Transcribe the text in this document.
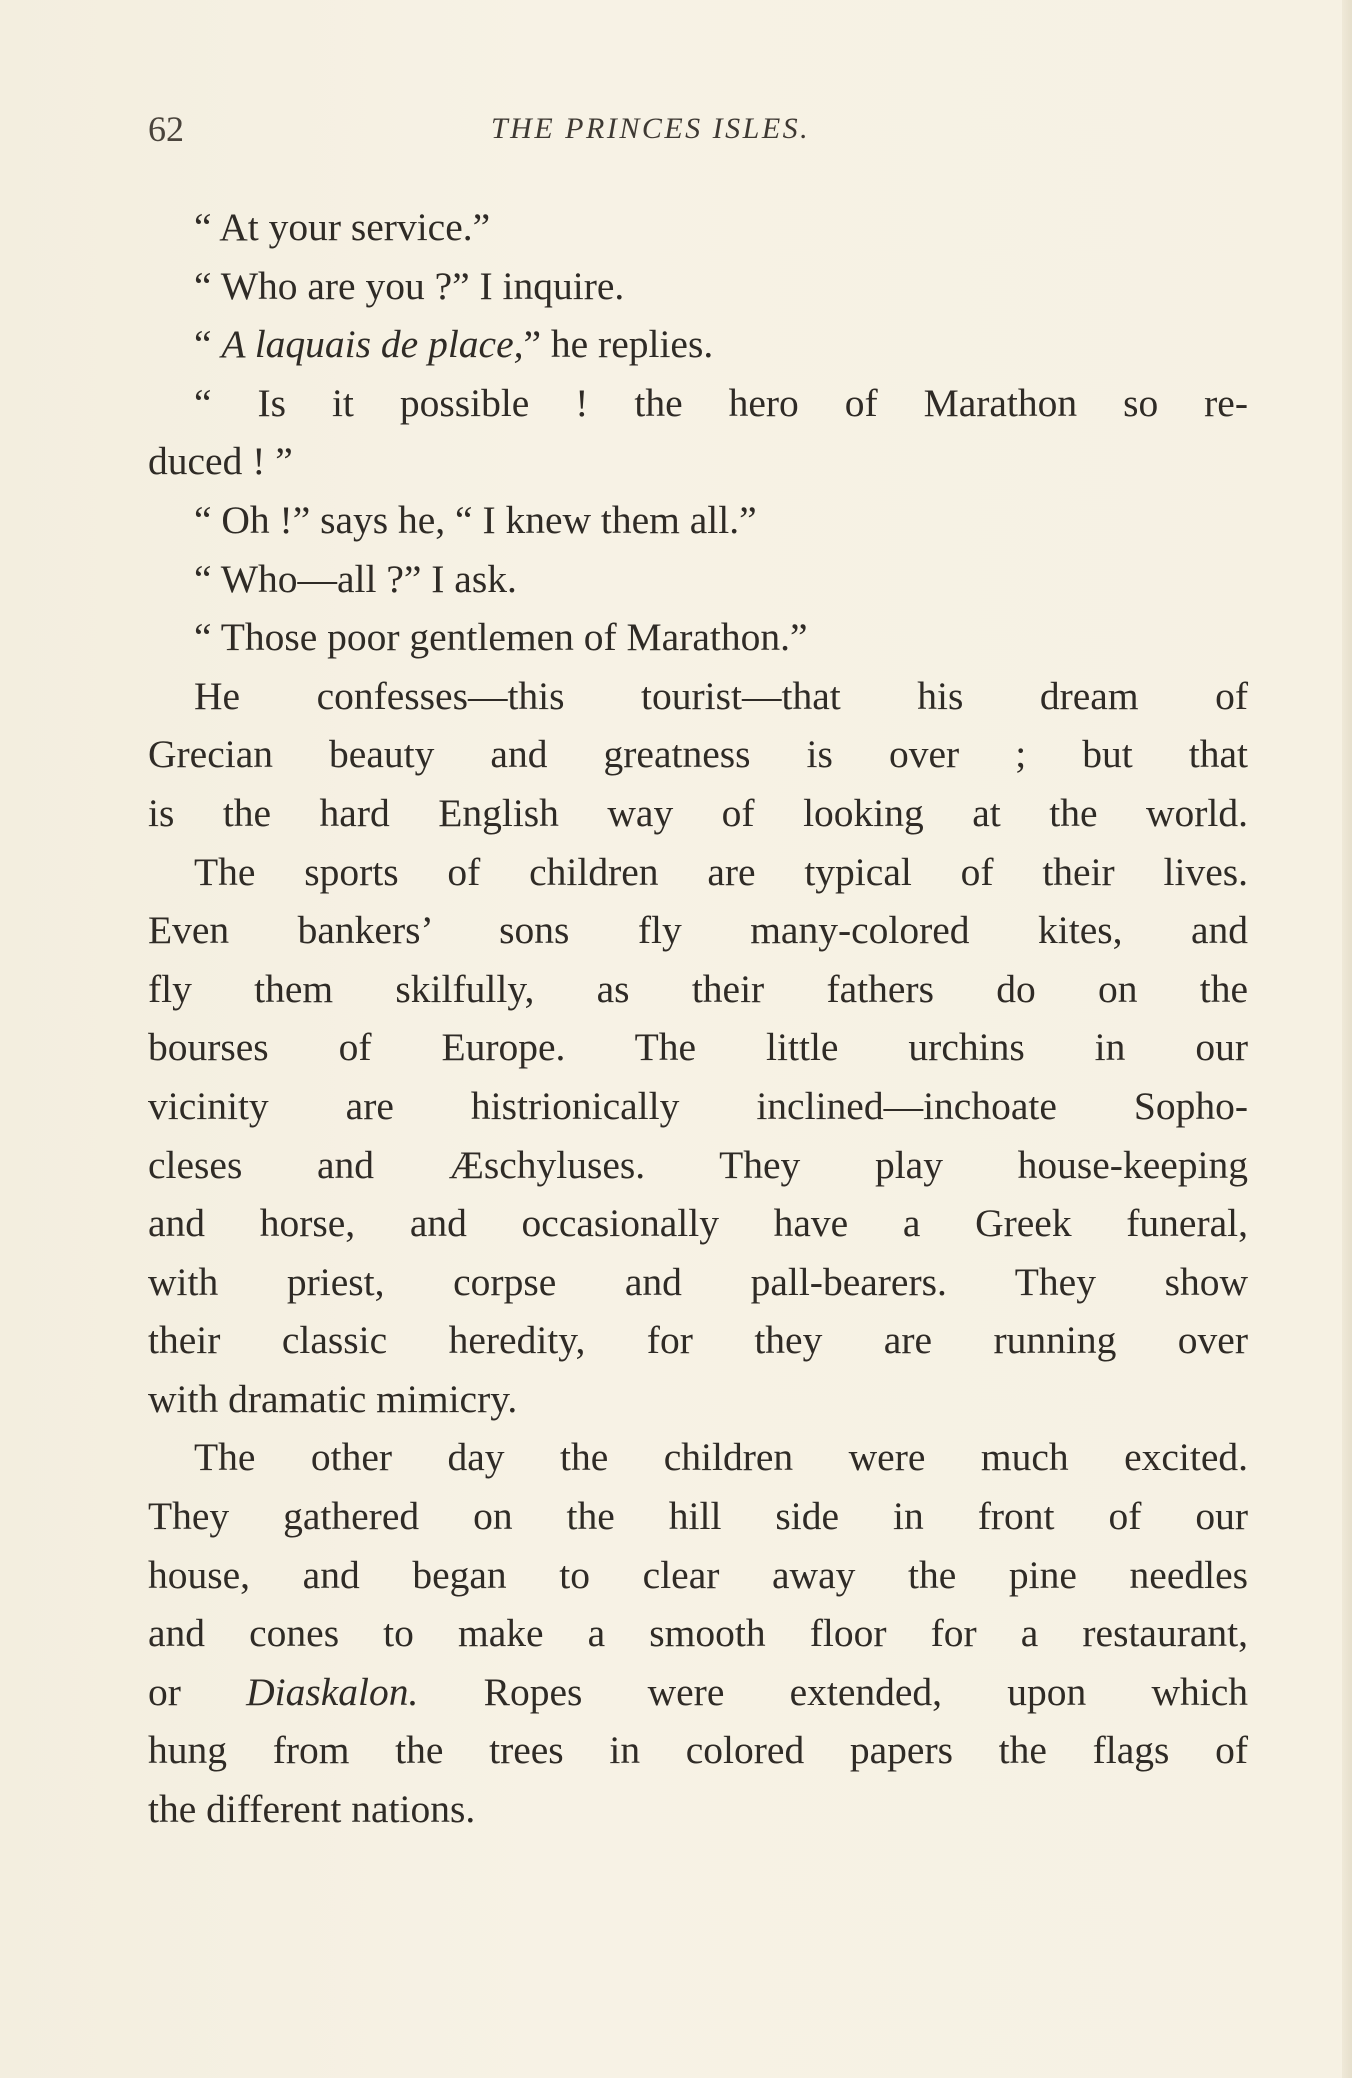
62	THE PRINCES ISLES.
“ At your service.”
“ Who are you ?” I inquire.
“ A laquais de place,” he replies.
“ Is it possible ! the hero of Marathon so re-
duced ! ”
“ Oh !” says he, “ I knew them all.”
“ Who—all ?” I ask.
“ Those poor gentlemen of Marathon.”
He confesses—this tourist—that his dream of
Grecian beauty and greatness is over ; but that
is the hard English way of looking at the world.
The sports of children are typical of their lives.
Even bankers’ sons fly many-colored kites, and
fly them skilfully, as their fathers do on the
bourses of Europe. The little urchins in our
vicinity are histrionically inclined—inchoate Sopho-
cleses and Æschyluses. They play house-keeping
and horse, and occasionally have a Greek funeral,
with priest, corpse and pall-bearers. They show
their classic heredity, for they are running over
with dramatic mimicry.
The other day the children were much excited.
They gathered on the hill side in front of our
house, and began to clear away the pine needles
and cones to make a smooth floor for a restaurant,
or Diaskalon. Ropes were extended, upon which
hung from the trees in colored papers the flags of
the different nations.
